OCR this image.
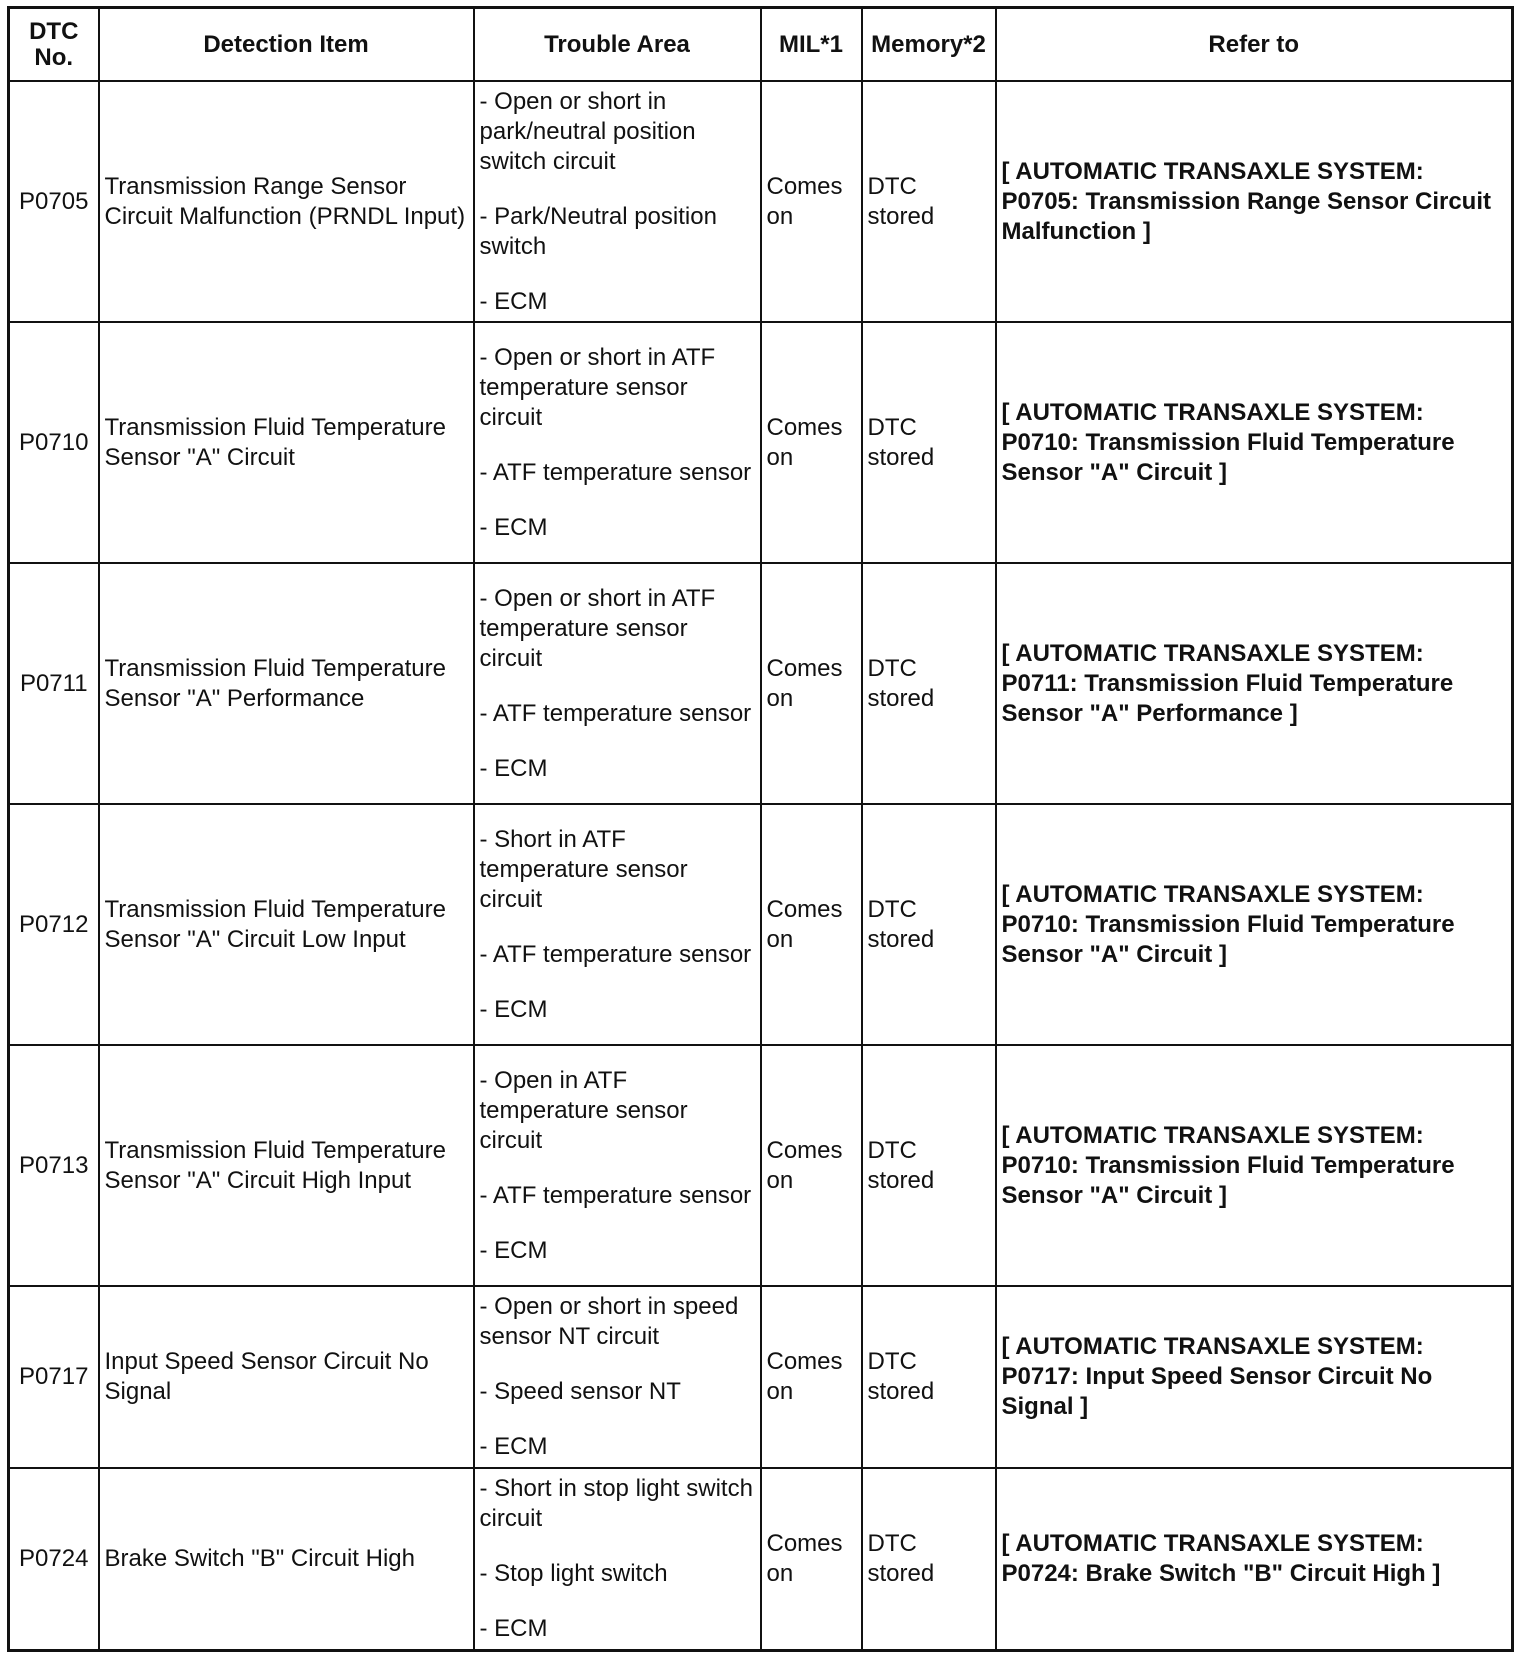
DTC No.	Detection Item	Trouble Area	MIL*1	Memory*2	Refer to
P0705	Transmission Range Sensor Circuit Malfunction (PRNDL Input)	- Open or short in park/neutral position switch circuit
- Park/Neutral position switch
- ECM	Comes on	DTC stored	[ AUTOMATIC TRANSAXLE SYSTEM: P0705: Transmission Range Sensor Circuit Malfunction ]
P0710	Transmission Fluid Temperature Sensor "A" Circuit	- Open or short in ATF temperature sensor circuit
- ATF temperature sensor
- ECM	Comes on	DTC stored	[ AUTOMATIC TRANSAXLE SYSTEM: P0710: Transmission Fluid Temperature Sensor "A" Circuit ]
P0711	Transmission Fluid Temperature Sensor "A" Performance	- Open or short in ATF temperature sensor circuit
- ATF temperature sensor
- ECM	Comes on	DTC stored	[ AUTOMATIC TRANSAXLE SYSTEM: P0711: Transmission Fluid Temperature Sensor "A" Performance ]
P0712	Transmission Fluid Temperature Sensor "A" Circuit Low Input	- Short in ATF temperature sensor circuit
- ATF temperature sensor
- ECM	Comes on	DTC stored	[ AUTOMATIC TRANSAXLE SYSTEM: P0710: Transmission Fluid Temperature Sensor "A" Circuit ]
P0713	Transmission Fluid Temperature Sensor "A" Circuit High Input	- Open in ATF temperature sensor circuit
- ATF temperature sensor
- ECM	Comes on	DTC stored	[ AUTOMATIC TRANSAXLE SYSTEM: P0710: Transmission Fluid Temperature Sensor "A" Circuit ]
P0717	Input Speed Sensor Circuit No Signal	- Open or short in speed sensor NT circuit
- Speed sensor NT
- ECM	Comes on	DTC stored	[ AUTOMATIC TRANSAXLE SYSTEM: P0717: Input Speed Sensor Circuit No Signal ]
P0724	Brake Switch "B" Circuit High	- Short in stop light switch circuit
- Stop light switch
- ECM	Comes on	DTC stored	[ AUTOMATIC TRANSAXLE SYSTEM: P0724: Brake Switch "B" Circuit High ]
